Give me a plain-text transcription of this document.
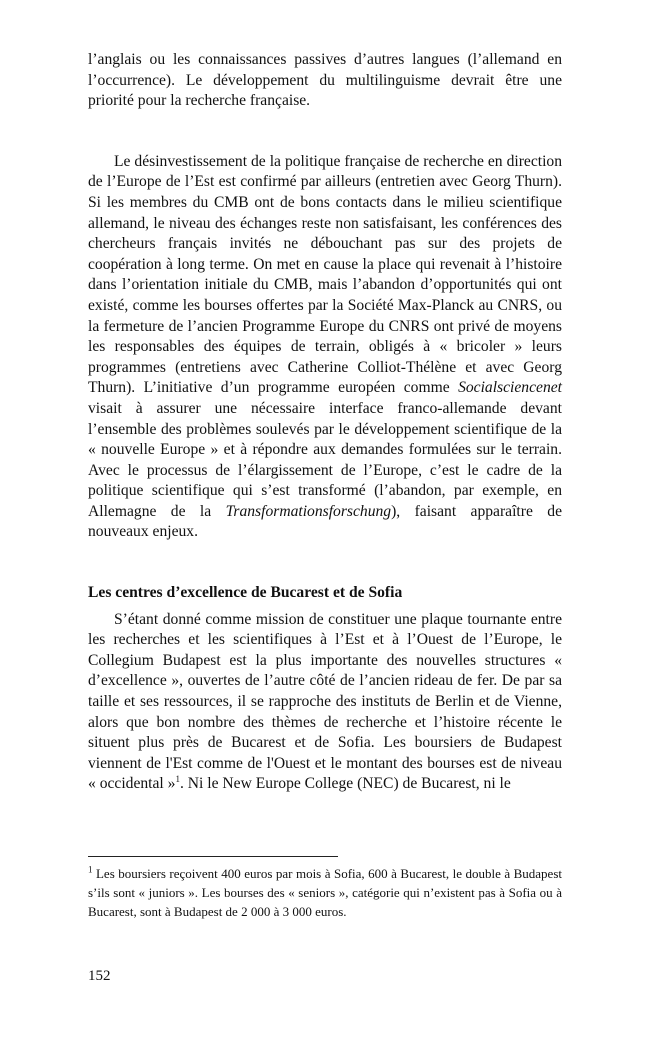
l’anglais ou les connaissances passives d’autres langues (l’allemand en l’occurrence). Le développement du multilinguisme devrait être une priorité pour la recherche française.

Le désinvestissement de la politique française de recherche en direction de l’Europe de l’Est est confirmé par ailleurs (entretien avec Georg Thurn). Si les membres du CMB ont de bons contacts dans le milieu scientifique allemand, le niveau des échanges reste non satisfaisant, les conférences des chercheurs français invités ne débouchant pas sur des projets de coopération à long terme. On met en cause la place qui revenait à l’histoire dans l’orientation initiale du CMB, mais l’abandon d’opportunités qui ont existé, comme les bourses offertes par la Société Max-Planck au CNRS, ou la fermeture de l’ancien Programme Europe du CNRS ont privé de moyens les responsables des équipes de terrain, obligés à « bricoler » leurs programmes (entretiens avec Catherine Colliot-Thélène et avec Georg Thurn). L’initiative d’un programme européen comme Socialsciencenet visait à assurer une nécessaire interface franco-allemande devant l’ensemble des problèmes soulevés par le développement scientifique de la « nouvelle Europe » et à répondre aux demandes formulées sur le terrain. Avec le processus de l’élargissement de l’Europe, c’est le cadre de la politique scientifique qui s’est transformé (l’abandon, par exemple, en Allemagne de la Transformationsforschung), faisant apparaître de nouveaux enjeux.

Les centres d’excellence de Bucarest et de Sofia

S’étant donné comme mission de constituer une plaque tournante entre les recherches et les scientifiques à l’Est et à l’Ouest de l’Europe, le Collegium Budapest est la plus importante des nouvelles structures « d’excellence », ouvertes de l’autre côté de l’ancien rideau de fer. De par sa taille et ses ressources, il se rapproche des instituts de Berlin et de Vienne, alors que bon nombre des thèmes de recherche et l’histoire récente le situent plus près de Bucarest et de Sofia. Les boursiers de Budapest viennent de l'Est comme de l'Ouest et le montant des bourses est de niveau « occidental »$^1$. Ni le New Europe College (NEC) de Bucarest, ni le

$^1$ Les boursiers reçoivent 400 euros par mois à Sofia, 600 à Bucarest, le double à Budapest s’ils sont « juniors ». Les bourses des « seniors », catégorie qui n’existent pas à Sofia ou à Bucarest, sont à Budapest de 2 000 à 3 000 euros.
152
